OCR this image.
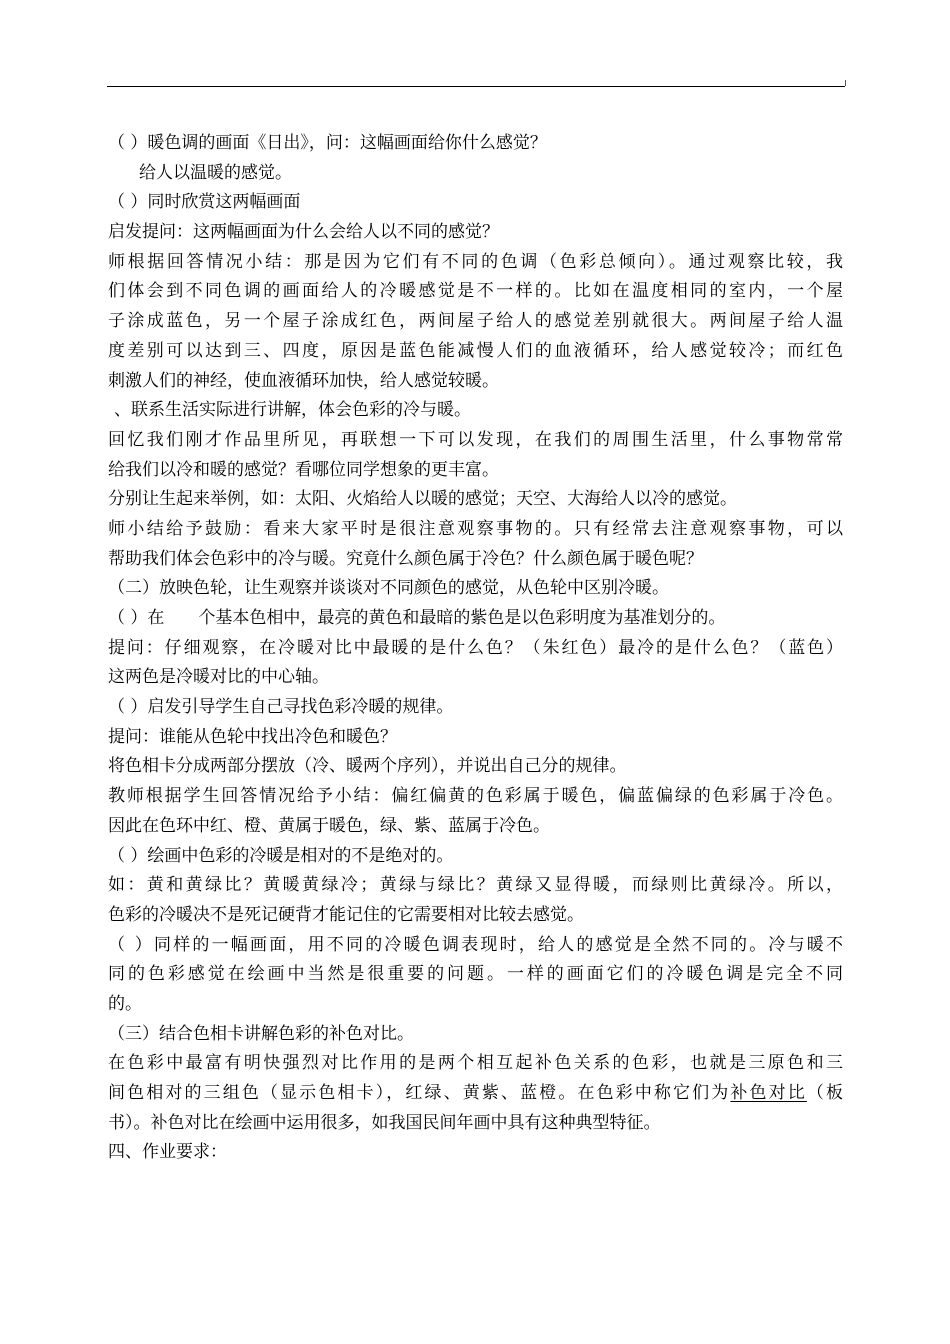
（ ）暖色调的画面《日出》，问：这幅画面给你什么感觉？
给人以温暖的感觉。
（ ）同时欣赏这两幅画面
启发提问：这两幅画面为什么会给人以不同的感觉？
师根据回答情况小结：那是因为它们有不同的色调（色彩总倾向）。通过观察比较，我
们体会到不同色调的画面给人的冷暖感觉是不一样的。比如在温度相同的室内，一个屋
子涂成蓝色，另一个屋子涂成红色，两间屋子给人的感觉差别就很大。两间屋子给人温
度差别可以达到三、四度，原因是蓝色能减慢人们的血液循环，给人感觉较冷；而红色
刺激人们的神经，使血液循环加快，给人感觉较暖。
、联系生活实际进行讲解，体会色彩的冷与暖。
回忆我们刚才作品里所见，再联想一下可以发现，在我们的周围生活里，什么事物常常
给我们以冷和暖的感觉？看哪位同学想象的更丰富。
分别让生起来举例，如：太阳、火焰给人以暖的感觉；天空、大海给人以冷的感觉。
师小结给予鼓励：看来大家平时是很注意观察事物的。只有经常去注意观察事物，可以
帮助我们体会色彩中的冷与暖。究竟什么颜色属于冷色？什么颜色属于暖色呢？
（二）放映色轮，让生观察并谈谈对不同颜色的感觉，从色轮中区别冷暖。
（ ）在　　个基本色相中，最亮的黄色和最暗的紫色是以色彩明度为基准划分的。
提问：仔细观察，在冷暖对比中最暖的是什么色？（朱红色）最冷的是什么色？（蓝色）
这两色是冷暖对比的中心轴。
（ ）启发引导学生自己寻找色彩冷暖的规律。
提问：谁能从色轮中找出冷色和暖色？
将色相卡分成两部分摆放（冷、暖两个序列），并说出自己分的规律。
教师根据学生回答情况给予小结：偏红偏黄的色彩属于暖色，偏蓝偏绿的色彩属于冷色。
因此在色环中红、橙、黄属于暖色，绿、紫、蓝属于冷色。
（ ）绘画中色彩的冷暖是相对的不是绝对的。
如：黄和黄绿比？黄暖黄绿冷；黄绿与绿比？黄绿又显得暖，而绿则比黄绿冷。所以，
色彩的冷暖决不是死记硬背才能记住的它需要相对比较去感觉。
（ ）同样的一幅画面，用不同的冷暖色调表现时，给人的感觉是全然不同的。冷与暖不
同的色彩感觉在绘画中当然是很重要的问题。一样的画面它们的冷暖色调是完全不同
的。
（三）结合色相卡讲解色彩的补色对比。
在色彩中最富有明快强烈对比作用的是两个相互起补色关系的色彩，也就是三原色和三
间色相对的三组色（显示色相卡），红绿、黄紫、蓝橙。在色彩中称它们为补色对比（板
书）。补色对比在绘画中运用很多，如我国民间年画中具有这种典型特征。
四、作业要求：
